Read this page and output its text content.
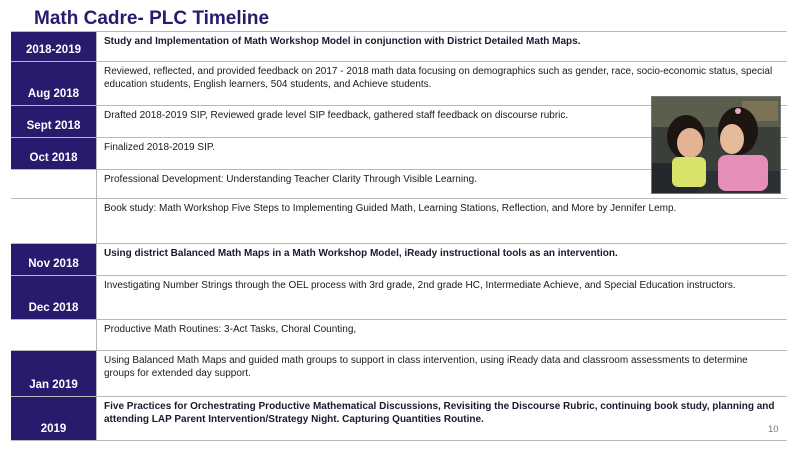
Math Cadre- PLC Timeline
2018-2019
Study and Implementation of Math Workshop Model in conjunction with District Detailed Math Maps.
Aug 2018
Reviewed, reflected, and provided feedback on 2017 - 2018 math data focusing on demographics such as gender, race, socio-economic status, special education students, English learners, 504 students, and Achieve students.
Sept 2018
Drafted 2018-2019 SIP, Reviewed grade level SIP feedback, gathered staff feedback on discourse rubric.
Oct 2018
Finalized 2018-2019 SIP.
Professional Development: Understanding Teacher Clarity Through Visible Learning.
Book study: Math Workshop Five Steps to Implementing Guided Math, Learning Stations, Reflection, and More by Jennifer Lemp.
Nov 2018
Using district Balanced Math Maps in a Math Workshop Model, iReady instructional tools as an intervention.
Dec 2018
Investigating Number Strings through the OEL process with 3rd grade, 2nd grade HC, Intermediate Achieve, and Special Education instructors.
Productive Math Routines: 3-Act Tasks, Choral Counting,
Jan 2019
Using Balanced Math Maps and guided math groups to support in class intervention, using iReady data and classroom assessments to determine groups for extended day support.
2019
Five Practices for Orchestrating Productive Mathematical Discussions, Revisiting the Discourse Rubric, continuing book study, planning and attending LAP Parent Intervention/Strategy Night. Capturing Quantities Routine.
10
